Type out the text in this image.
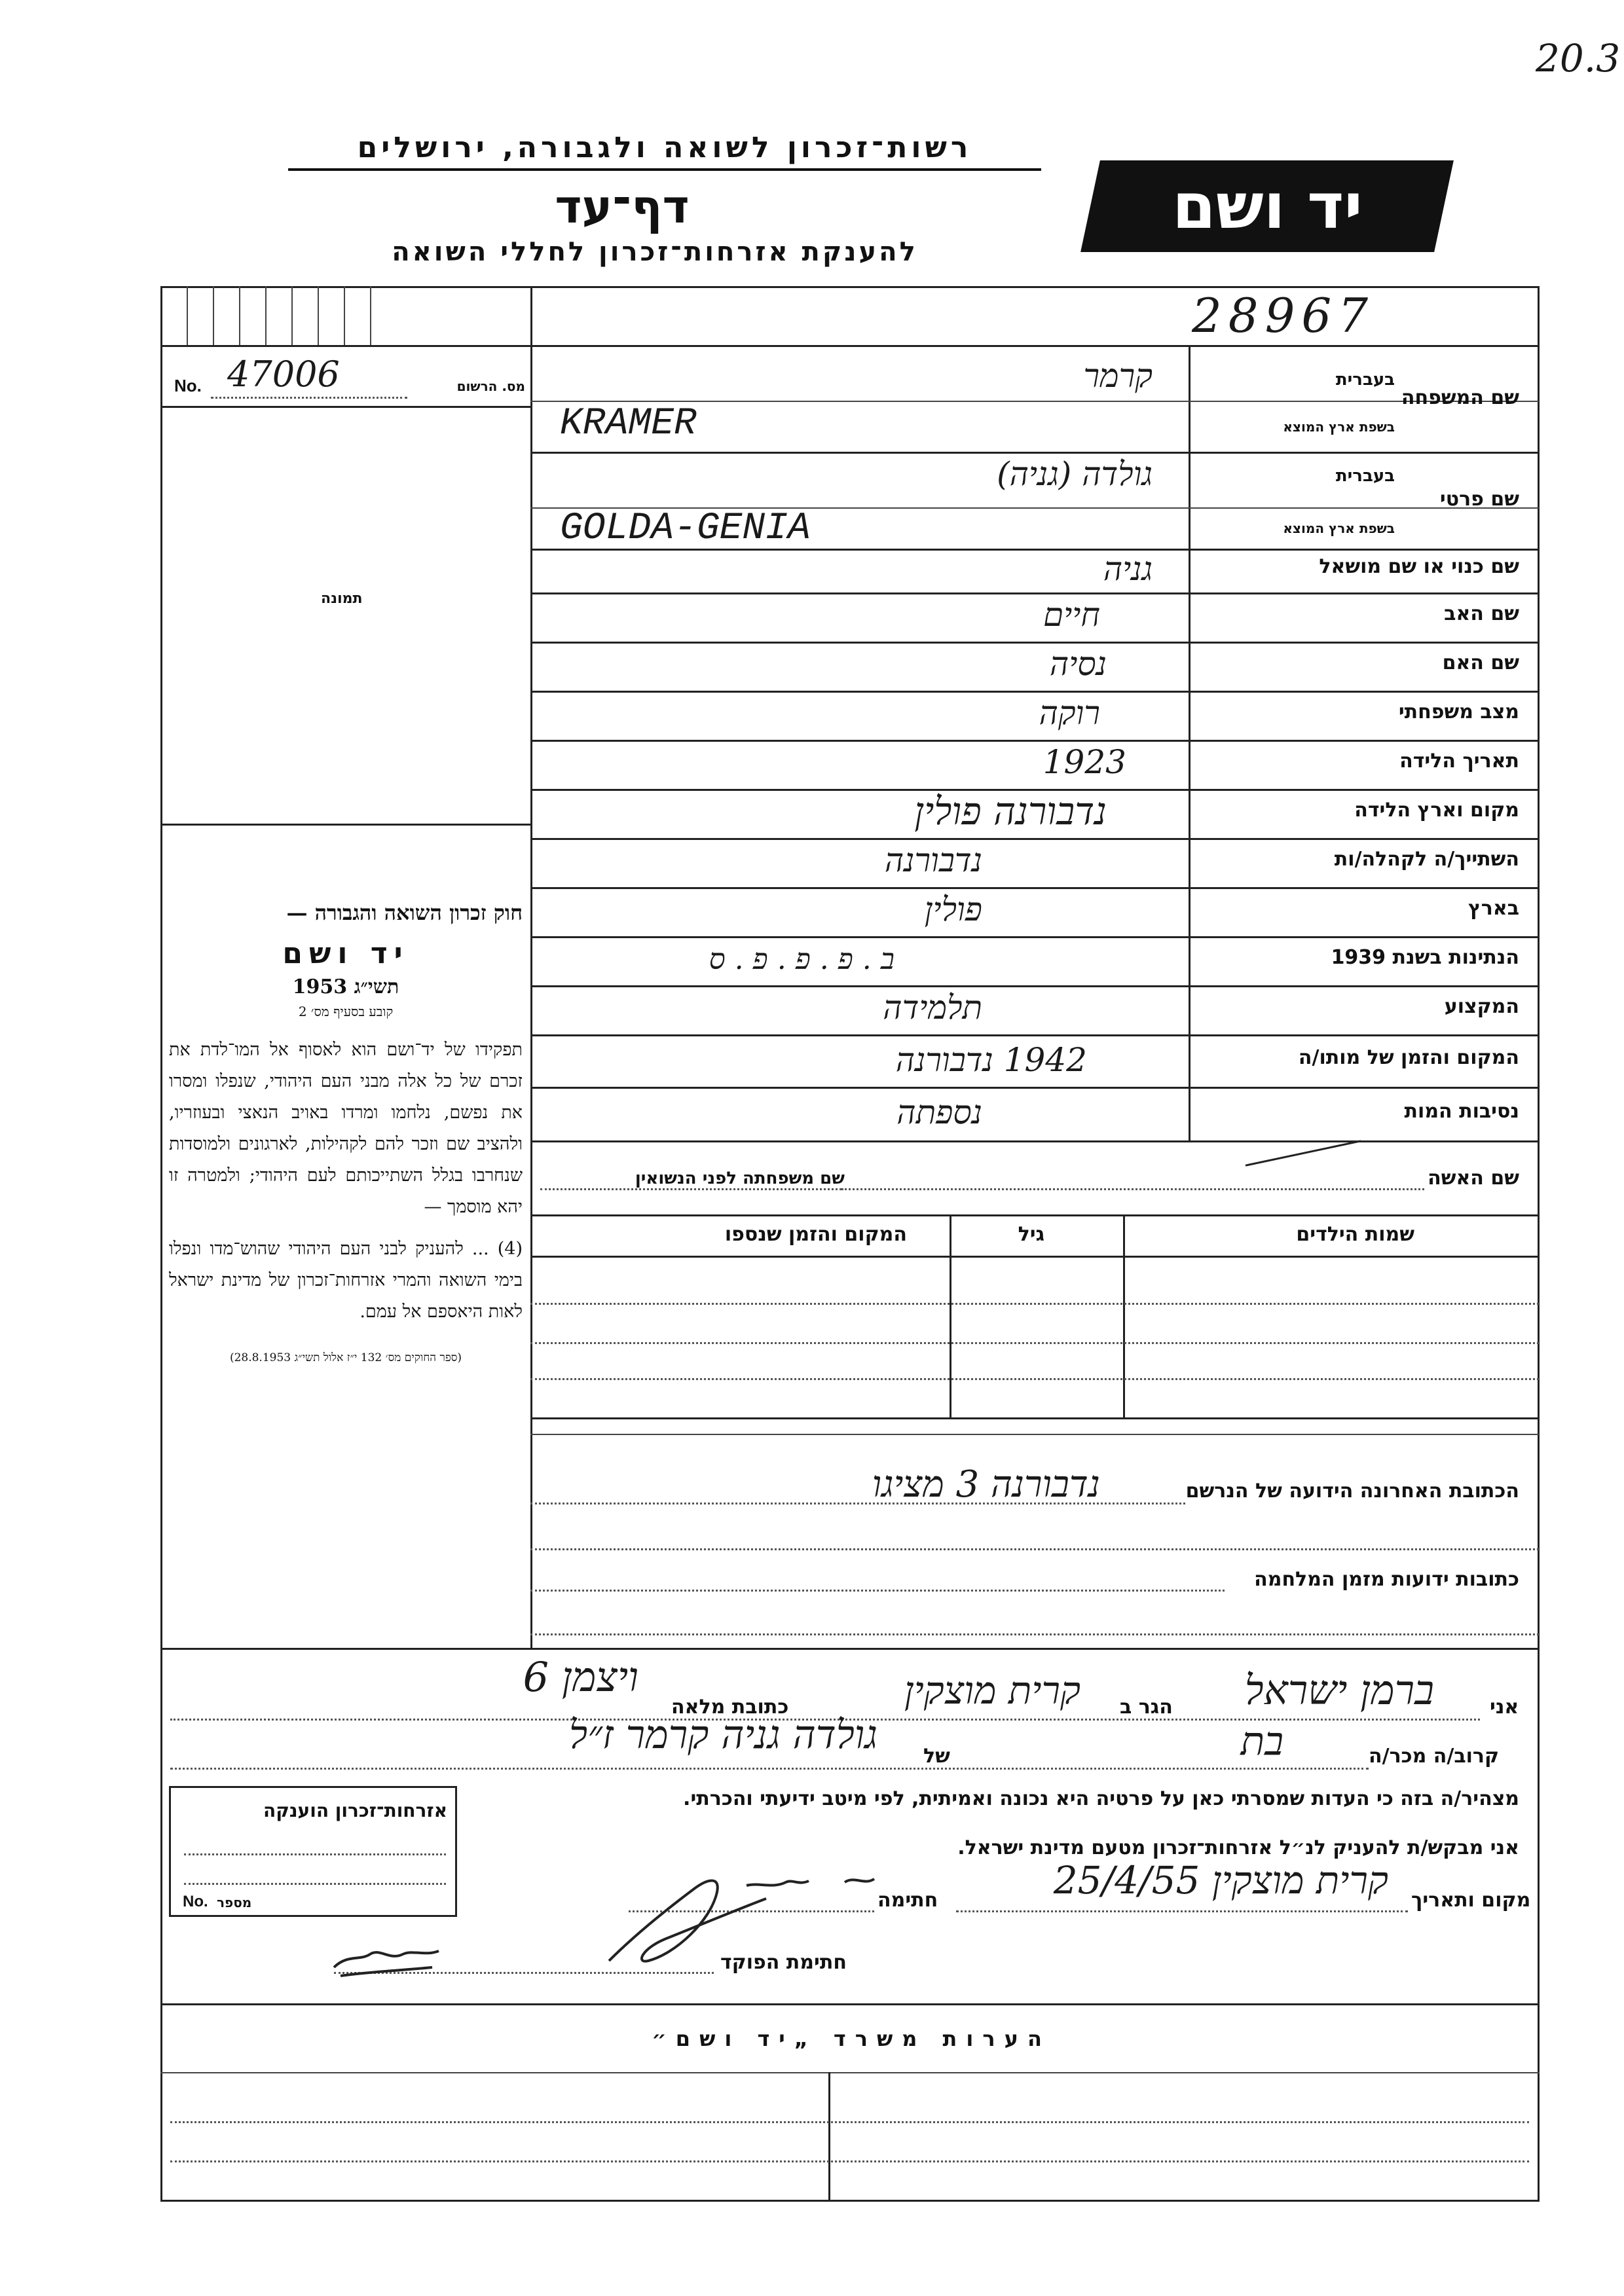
20.3
רשות־זכרון לשואה ולגבורה, ירושלים
דף־עד
להענקת אזרחות־זכרון לחללי השואה
יד ושם
28967
No. 47006	מס. הרשום
תמונה
שם המשפחה
בעברית
בשפת ארץ המוצא
קרמר
KRAMER
שם פרטי
בעברית
בשפת ארץ המוצא
גולדה (גניה)
GOLDA-GENIA
שם כנוי או שם מושאל
גניה
שם האב
חיים
שם האם
נסיה
מצב משפחתי
רוקה
תאריך הלידה
1923
מקום וארץ הלידה
נדבורנה פולין
השתייך/ה לקהלה/ות
נדבורנה
בארץ
פולין
הנתינות בשנת 1939
ב.פ.פ.פ.ס
המקצוע
תלמידה
המקום והזמן של מותו/ה
1942 נדבורנה
נסיבות המות
נספתה
שם האשה
שם משפחתה לפני הנשואין
שמות הילדים
גיל
המקום והזמן שנספו
חוק זכרון השואה והגבורה —
יד ושם
תשי״ג 1953
קובע בסעיף מס׳ 2
תפקידו של יד־ושם הוא לאסוף אל המו־לדת את זכרם של כל אלה מבני העם היהודי, שנפלו ומסרו את נפשם, נלחמו ומרדו באויב הנאצי ובעוזריו, ולהציב שם וזכר להם לקהילות, לארגונים ולמוסדות שנחרבו בגלל השתייכותם לעם היהודי; ולמטרה זו יהא מוסמך —
(4) ... להעניק לבני העם היהודי שהוש־מדו ונפלו בימי השואה והמרי אזרחות־זכרון של מדינת ישראל לאות היאספם אל עמם.
(ספר החוקים מס׳ 132 י״ז אלול תשי״ג 28.8.1953)
הכתובת האחרונה הידועה של הנרשם
נדבורנה 3 מציגו
כתובות ידועות מזמן המלחמה
אני
ברמן ישראל
הגר ב
קרית מוצקין
כתובת מלאה
ויצמן 6
קרוב/ה מכר/ה
בת
של
גולדה גניה קרמר ז״ל
מצהיר/ה בזה כי העדות שמסרתי כאן על פרטיה היא נכונה ואמיתית, לפי מיטב ידיעתי והכרתי.
אני מבקש/ת להעניק לנ״ל אזרחות־זכרון מטעם מדינת ישראל.
מקום ותאריך
קרית מוצקין 25/4/55
חתימה
חתימת הפוקד
אזרחות־זכרון הוענקה
No. מספר
הערות משרד „יד ושם״
